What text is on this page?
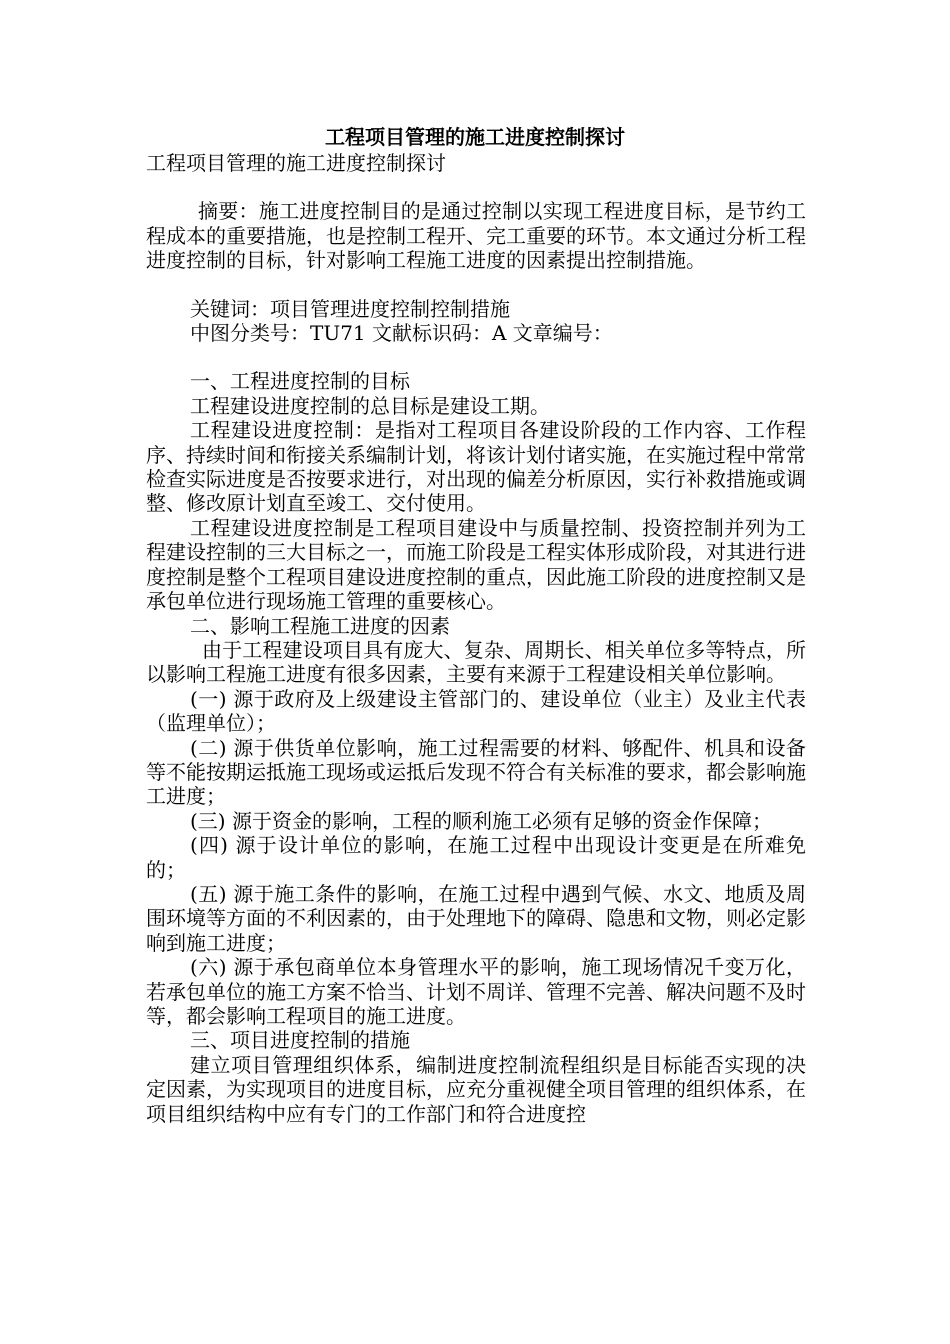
工程项目管理的施工进度控制探讨

工程项目管理的施工进度控制探讨

摘要：施工进度控制目的是通过控制以实现工程进度目标，是节约工程成本的重要措施，也是控制工程开、完工重要的环节。本文通过分析工程进度控制的目标，针对影响工程施工进度的因素提出控制措施。

关键词：项目管理进度控制控制措施

中图分类号：TU71 文献标识码：A 文章编号：

一、工程进度控制的目标

工程建设进度控制的总目标是建设工期。

工程建设进度控制：是指对工程项目各建设阶段的工作内容、工作程序、持续时间和衔接关系编制计划，将该计划付诸实施，在实施过程中常常检查实际进度是否按要求进行，对出现的偏差分析原因，实行补救措施或调整、修改原计划直至竣工、交付使用。

工程建设进度控制是工程项目建设中与质量控制、投资控制并列为工程建设控制的三大目标之一，而施工阶段是工程实体形成阶段，对其进行进度控制是整个工程项目建设进度控制的重点，因此施工阶段的进度控制又是承包单位进行现场施工管理的重要核心。

二、影响工程施工进度的因素

由于工程建设项目具有庞大、复杂、周期长、相关单位多等特点，所以影响工程施工进度有很多因素，主要有来源于工程建设相关单位影响。

(一) 源于政府及上级建设主管部门的、建设单位（业主）及业主代表（监理单位）；

(二) 源于供货单位影响，施工过程需要的材料、够配件、机具和设备等不能按期运抵施工现场或运抵后发现不符合有关标准的要求，都会影响施工进度；

(三) 源于资金的影响，工程的顺利施工必须有足够的资金作保障；

(四) 源于设计单位的影响，在施工过程中出现设计变更是在所难免的；

(五) 源于施工条件的影响，在施工过程中遇到气候、水文、地质及周围环境等方面的不利因素的，由于处理地下的障碍、隐患和文物，则必定影响到施工进度；

(六) 源于承包商单位本身管理水平的影响，施工现场情况千变万化，若承包单位的施工方案不恰当、计划不周详、管理不完善、解决问题不及时等，都会影响工程项目的施工进度。

三、项目进度控制的措施

建立项目管理组织体系，编制进度控制流程组织是目标能否实现的决定因素，为实现项目的进度目标，应充分重视健全项目管理的组织体系，在项目组织结构中应有专门的工作部门和符合进度控
